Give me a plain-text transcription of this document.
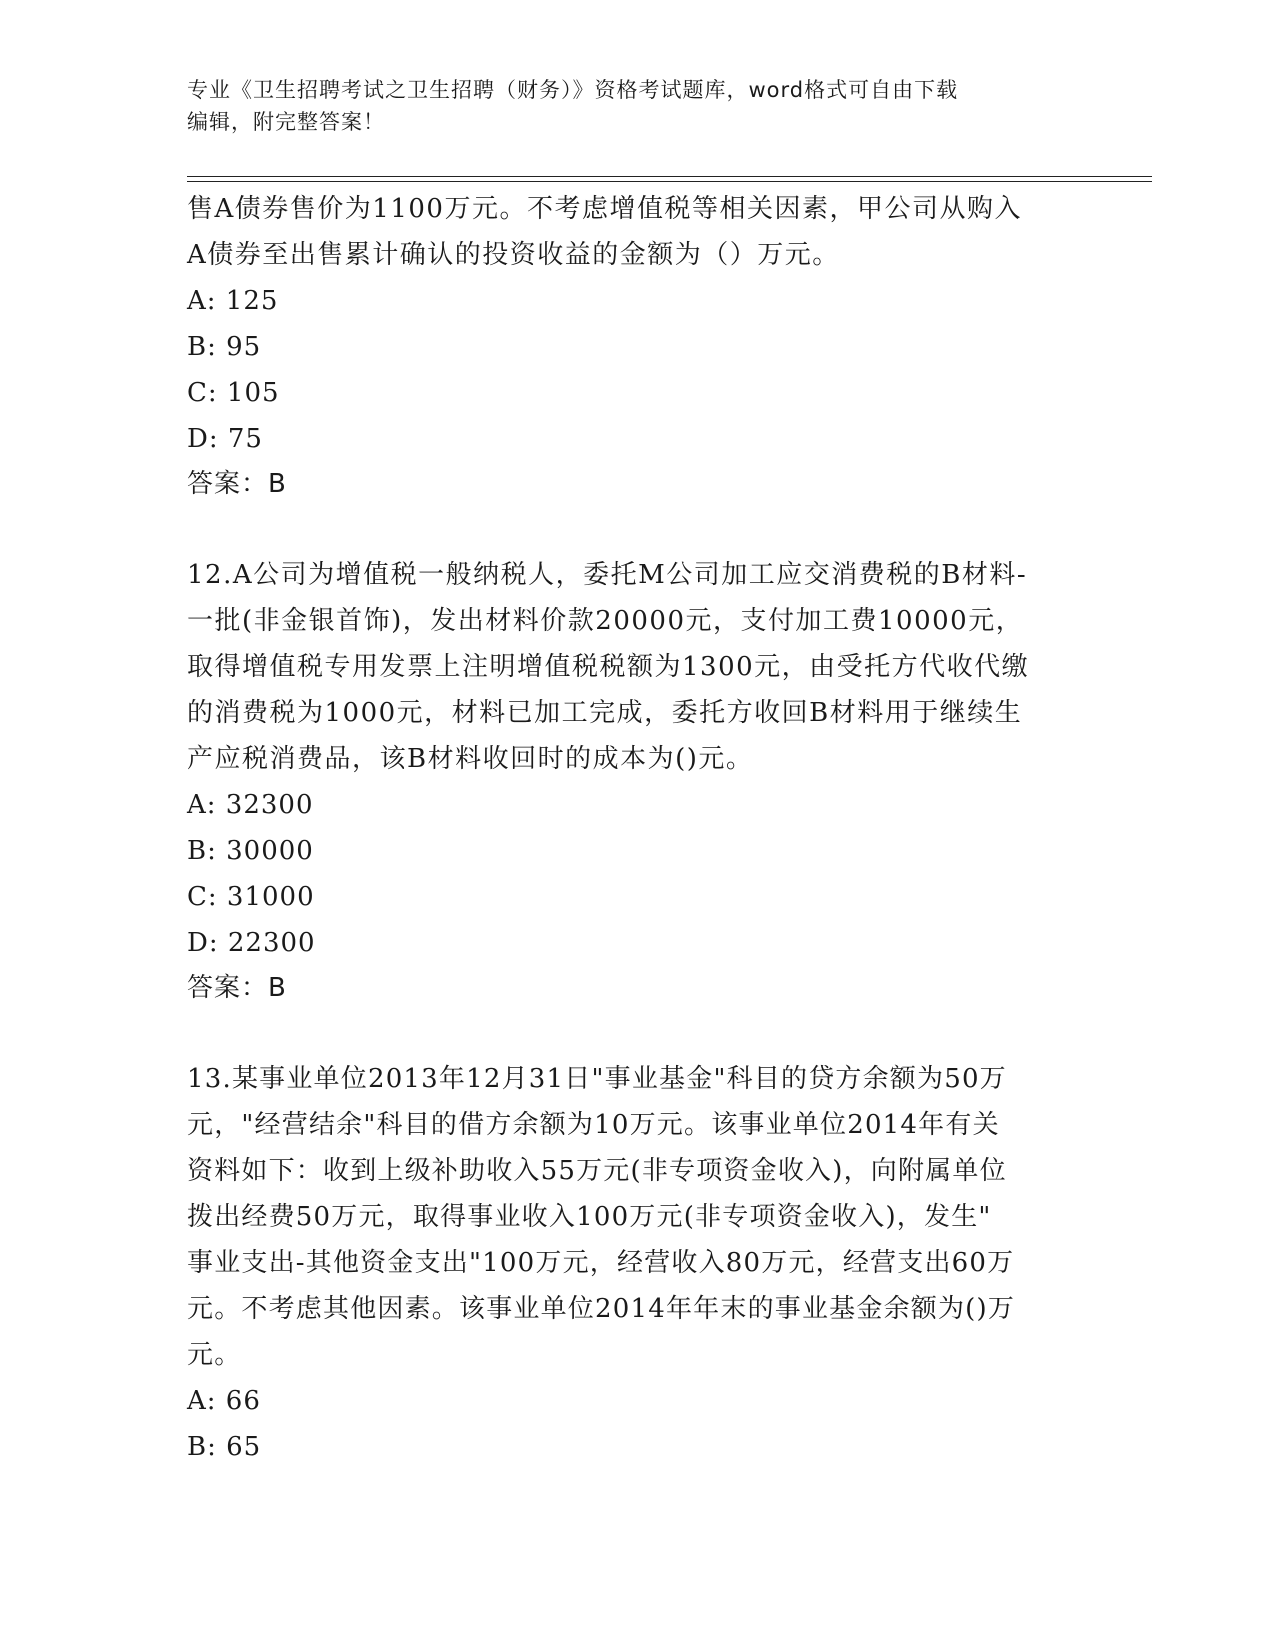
专业《卫生招聘考试之卫生招聘（财务）》资格考试题库，word格式可自由下载
编辑，附完整答案！
售A债券售价为1100万元。不考虑增值税等相关因素，甲公司从购入
A债券至出售累计确认的投资收益的金额为（）万元。
A: 125
B: 95
C: 105
D: 75
答案：B
12.A公司为增值税一般纳税人，委托M公司加工应交消费税的B材料-
一批(非金银首饰)，发出材料价款20000元，支付加工费10000元，
取得增值税专用发票上注明增值税税额为1300元，由受托方代收代缴
的消费税为1000元，材料已加工完成，委托方收回B材料用于继续生
产应税消费品，该B材料收回时的成本为()元。
A: 32300
B: 30000
C: 31000
D: 22300
答案：B
13.某事业单位2013年12月31日"事业基金"科目的贷方余额为50万
元，"经营结余"科目的借方余额为10万元。该事业单位2014年有关
资料如下：收到上级补助收入55万元(非专项资金收入)，向附属单位
拨出经费50万元，取得事业收入100万元(非专项资金收入)，发生"
事业支出-其他资金支出"100万元，经营收入80万元，经营支出60万
元。不考虑其他因素。该事业单位2014年年末的事业基金余额为()万
元。
A: 66
B: 65
